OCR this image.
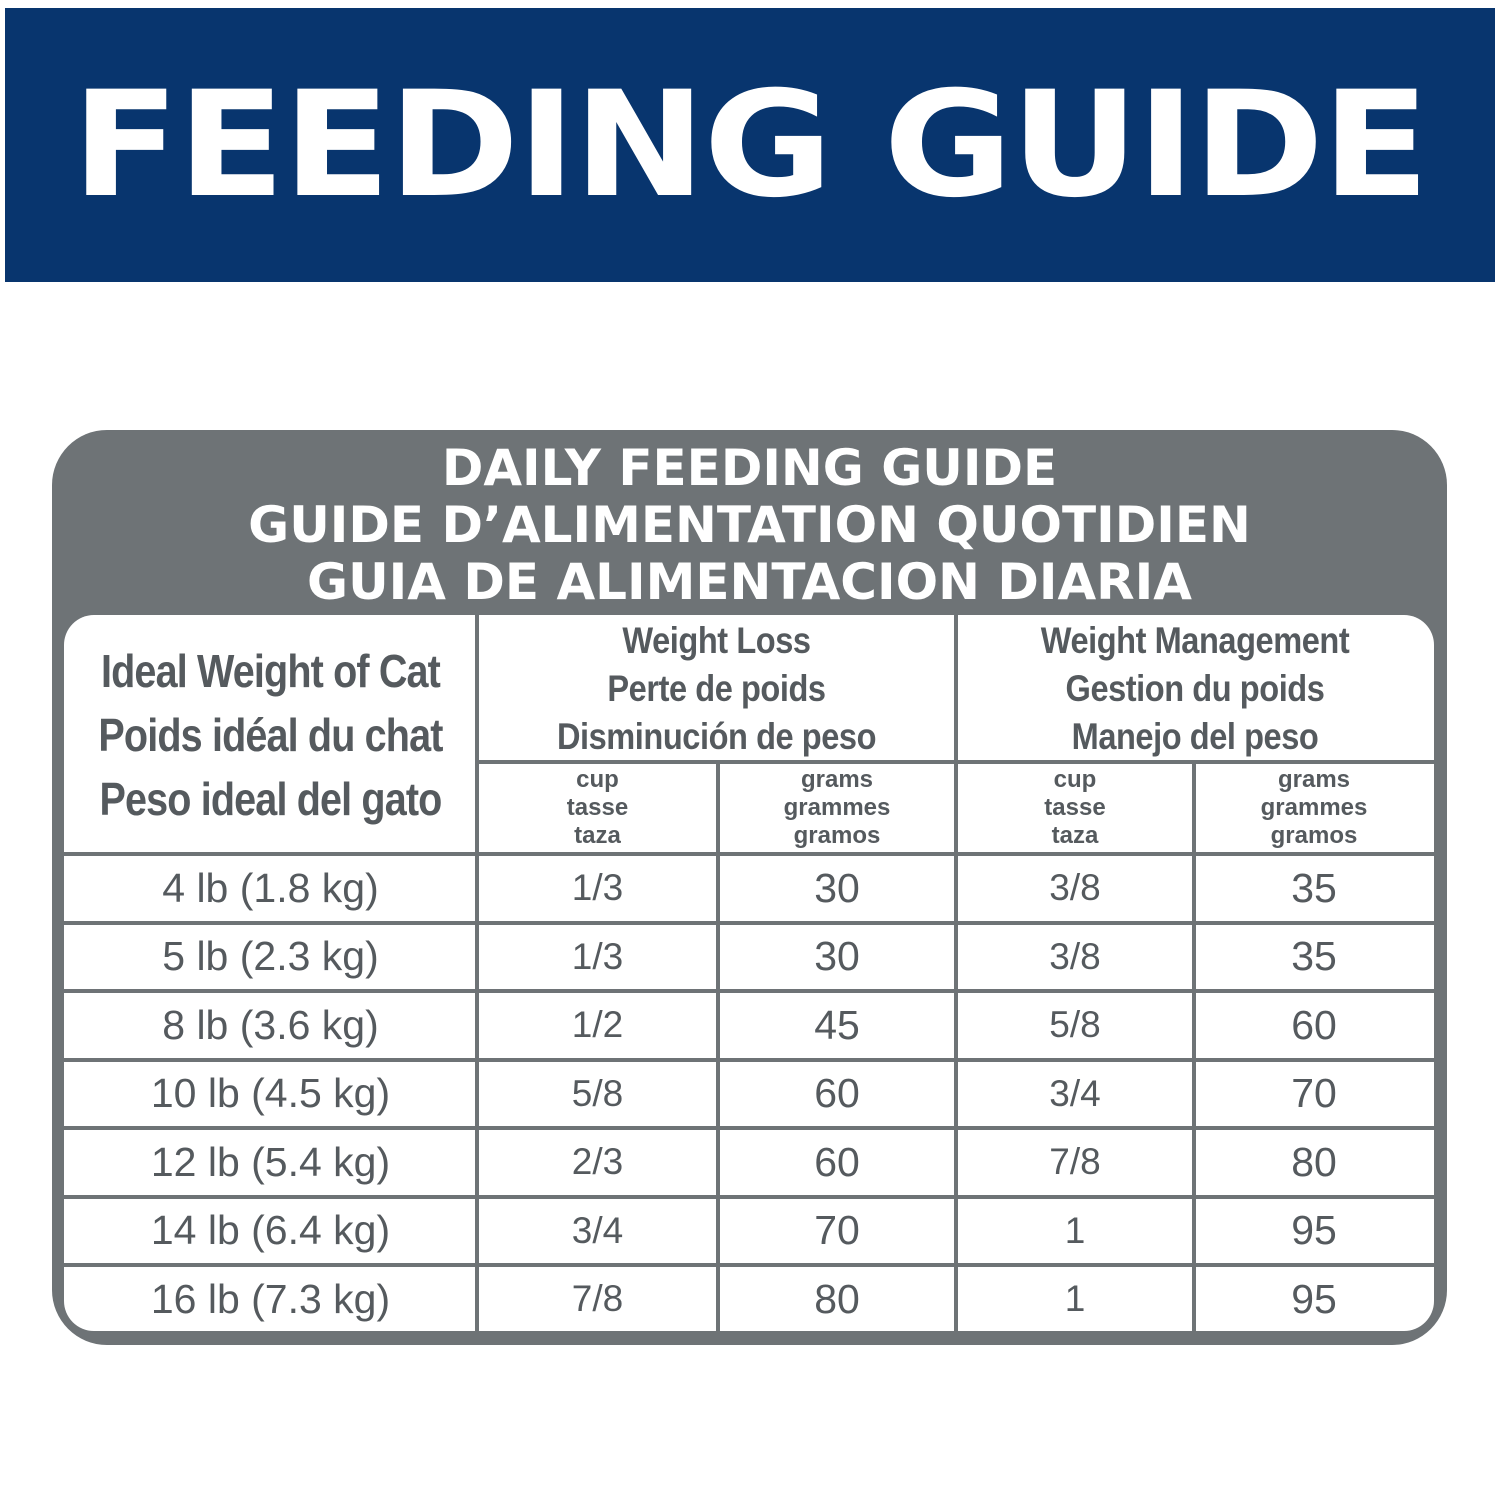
FEEDING GUIDE
DAILY FEEDING GUIDE
GUIDE D’ALIMENTATION QUOTIDIEN
GUIA DE ALIMENTACION DIARIA
Ideal Weight of Cat
Poids idéal du chat
Peso ideal del gato
Weight Loss
Perte de poids
Disminución de peso
Weight Management
Gestion du poids
Manejo del peso
cup
tasse
taza
grams
grammes
gramos
cup
tasse
taza
grams
grammes
gramos
4 lb (1.8 kg)	1/3	30	3/8	35
5 lb (2.3 kg)	1/3	30	3/8	35
8 lb (3.6 kg)	1/2	45	5/8	60
10 lb (4.5 kg)	5/8	60	3/4	70
12 lb (5.4 kg)	2/3	60	7/8	80
14 lb (6.4 kg)	3/4	70	1	95
16 lb (7.3 kg)	7/8	80	1	95
